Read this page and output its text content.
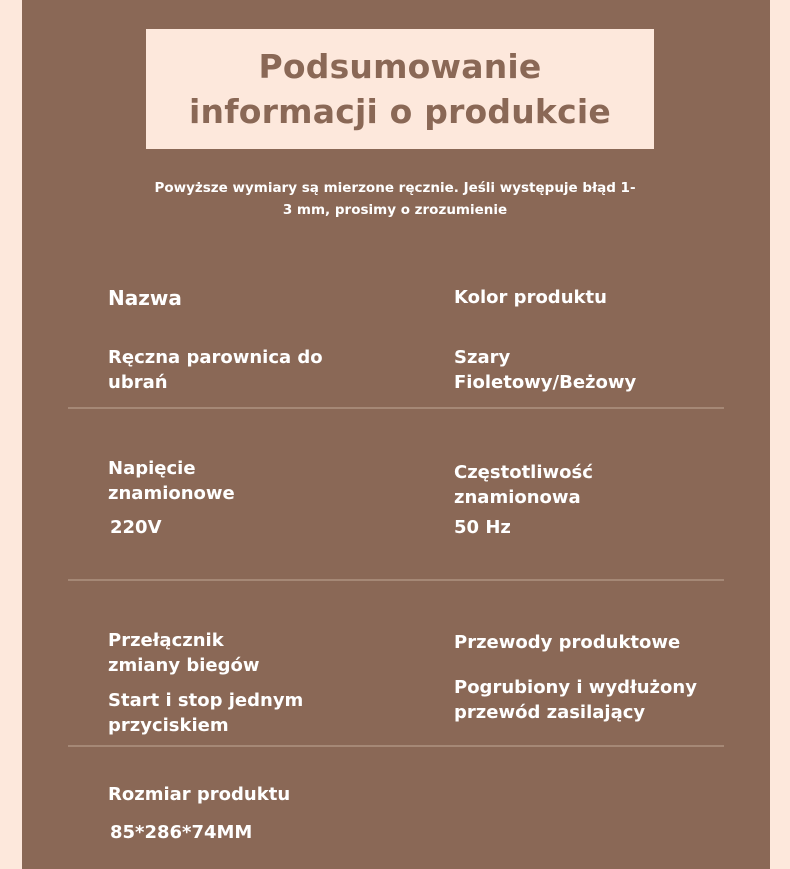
Podsumowanie
informacji o produkcie

Powyższe wymiary są mierzone ręcznie. Jeśli występuje błąd 1-
3 mm, prosimy o zrozumienie

Nazwa

Ręczna parownica do
ubrań

Kolor produktu

Szary
Fioletowy/Beżowy

Napięcie
znamionowe

220V

Częstotliwość
znamionowa

50 Hz

Przełącznik
zmiany biegów

Start i stop jednym
przyciskiem

Przewody produktowe

Pogrubiony i wydłużony
przewód zasilający

Rozmiar produktu

85*286*74MM
